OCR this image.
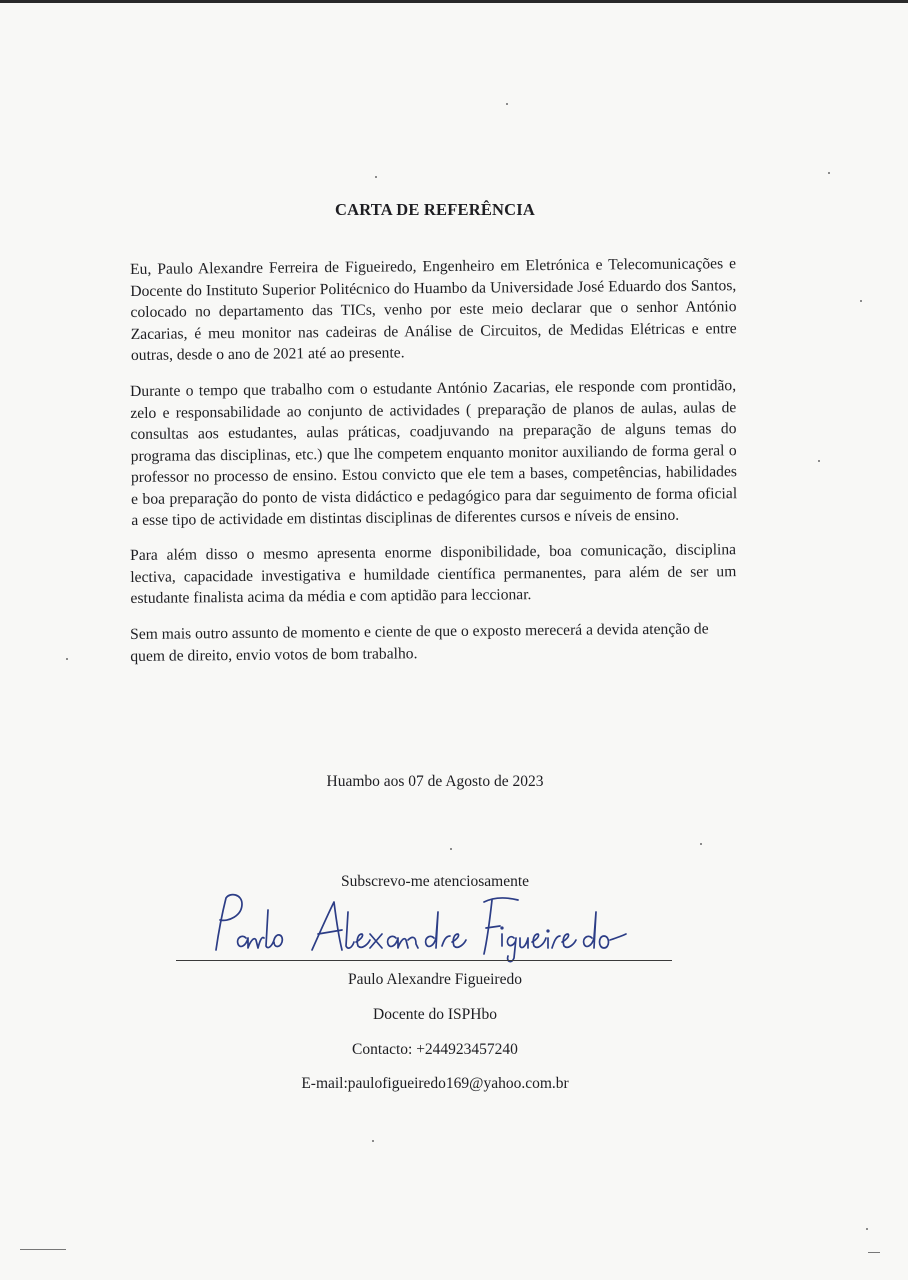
CARTA DE REFERÊNCIA

Eu, Paulo Alexandre Ferreira de Figueiredo, Engenheiro em Eletrónica e Telecomunicações e Docente do Instituto Superior Politécnico do Huambo da Universidade José Eduardo dos Santos, colocado no departamento das TICs, venho por este meio declarar que o senhor António Zacarias, é meu monitor nas cadeiras de Análise de Circuitos, de Medidas Elétricas e entre outras, desde o ano de 2021 até ao presente.

Durante o tempo que trabalho com o estudante António Zacarias, ele responde com prontidão, zelo e responsabilidade ao conjunto de actividades ( preparação de planos de aulas, aulas de consultas aos estudantes, aulas práticas, coadjuvando na preparação de alguns temas do programa das disciplinas, etc.) que lhe competem enquanto monitor auxiliando de forma geral o professor no processo de ensino. Estou convicto que ele tem a bases, competências, habilidades e boa preparação do ponto de vista didáctico e pedagógico para dar seguimento de forma oficial a esse tipo de actividade em distintas disciplinas de diferentes cursos e níveis de ensino.

Para além disso o mesmo apresenta enorme disponibilidade, boa comunicação, disciplina lectiva, capacidade investigativa e humildade científica permanentes, para além de ser um estudante finalista acima da média e com aptidão para leccionar.

Sem mais outro assunto de momento e ciente de que o exposto merecerá a devida atenção de quem de direito, envio votos de bom trabalho.

Huambo aos 07 de Agosto de 2023
Subscrevo-me atenciosamente
Paulo Alexandre Figueiredo
Docente do ISPHbo
Contacto: +244923457240
E-mail:paulofigueiredo169@yahoo.com.br
